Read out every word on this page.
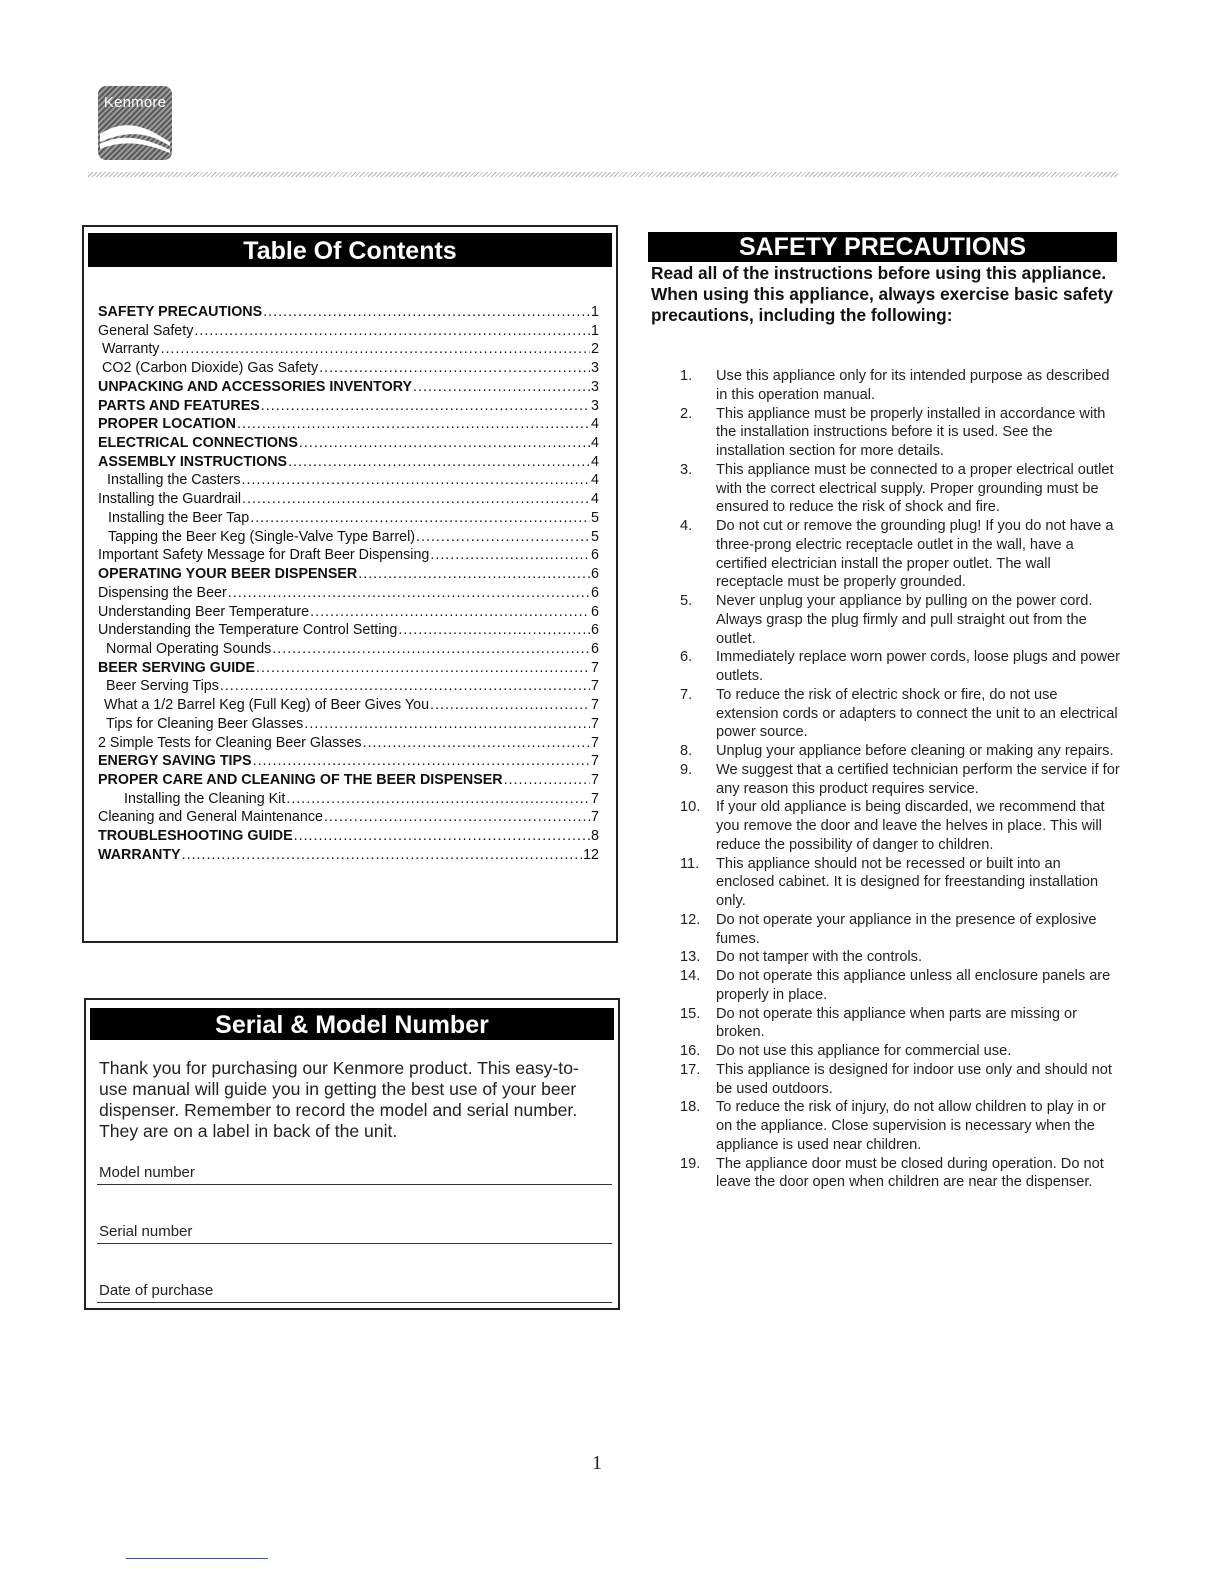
Kenmore
Table Of Contents
SAFETY PRECAUTIONS .....	1
General Safety .....	1
Warranty .....	2
CO2 (Carbon Dioxide) Gas Safety .....	3
UNPACKING AND ACCESSORIES INVENTORY .....	3
PARTS AND FEATURES .....	3
PROPER LOCATION .....	4
ELECTRICAL CONNECTIONS .....	4
ASSEMBLY INSTRUCTIONS .....	4
Installing the Casters .....	4
Installing the Guardrail .....	4
Installing the Beer Tap .....	5
Tapping the Beer Keg (Single-Valve Type Barrel) .....	5
Important Safety Message for Draft Beer Dispensing .....	6
OPERATING YOUR BEER DISPENSER .....	6
Dispensing the Beer .....	6
Understanding Beer Temperature .....	6
Understanding the Temperature Control Setting .....	6
Normal Operating Sounds .....	6
BEER SERVING GUIDE .....	7
Beer Serving Tips .....	7
What a 1/2 Barrel Keg (Full Keg) of Beer Gives You .....	7
Tips for Cleaning Beer Glasses .....	7
2 Simple Tests for Cleaning Beer Glasses .....	7
ENERGY SAVING TIPS .....	7
PROPER CARE AND CLEANING OF THE BEER DISPENSER .....	7
Installing the Cleaning Kit .....	7
Cleaning and General Maintenance .....	7
TROUBLESHOOTING GUIDE .....	8
WARRANTY .....	12
Serial & Model Number
Thank you for purchasing our Kenmore product. This easy-to-use manual will guide you in getting the best use of your beer dispenser. Remember to record the model and serial number. They are on a label in back of the unit.
Model number
Serial number
Date of purchase
SAFETY PRECAUTIONS
Read all of the instructions before using this appliance. When using this appliance, always exercise basic safety precautions, including the following:
1.	Use this appliance only for its intended purpose as described in this operation manual.
2.	This appliance must be properly installed in accordance with the installation instructions before it is used. See the installation section for more details.
3.	This appliance must be connected to a proper electrical outlet with the correct electrical supply. Proper grounding must be ensured to reduce the risk of shock and fire.
4.	Do not cut or remove the grounding plug! If you do not have a three-prong electric receptacle outlet in the wall, have a certified electrician install the proper outlet. The wall receptacle must be properly grounded.
5.	Never unplug your appliance by pulling on the power cord. Always grasp the plug firmly and pull straight out from the outlet.
6.	Immediately replace worn power cords, loose plugs and power outlets.
7.	To reduce the risk of electric shock or fire, do not use extension cords or adapters to connect the unit to an electrical power source.
8.	Unplug your appliance before cleaning or making any repairs.
9.	We suggest that a certified technician perform the service if for any reason this product requires service.
10.	If your old appliance is being discarded, we recommend that you remove the door and leave the helves in place. This will reduce the possibility of danger to children.
11.	This appliance should not be recessed or built into an enclosed cabinet. It is designed for freestanding installation only.
12.	Do not operate your appliance in the presence of explosive fumes.
13.	Do not tamper with the controls.
14.	Do not operate this appliance unless all enclosure panels are properly in place.
15.	Do not operate this appliance when parts are missing or broken.
16.	Do not use this appliance for commercial use.
17.	This appliance is designed for indoor use only and should not be used outdoors.
18.	To reduce the risk of injury, do not allow children to play in or on the appliance. Close supervision is necessary when the appliance is used near children.
19.	The appliance door must be closed during operation. Do not leave the door open when children are near the dispenser.
1
